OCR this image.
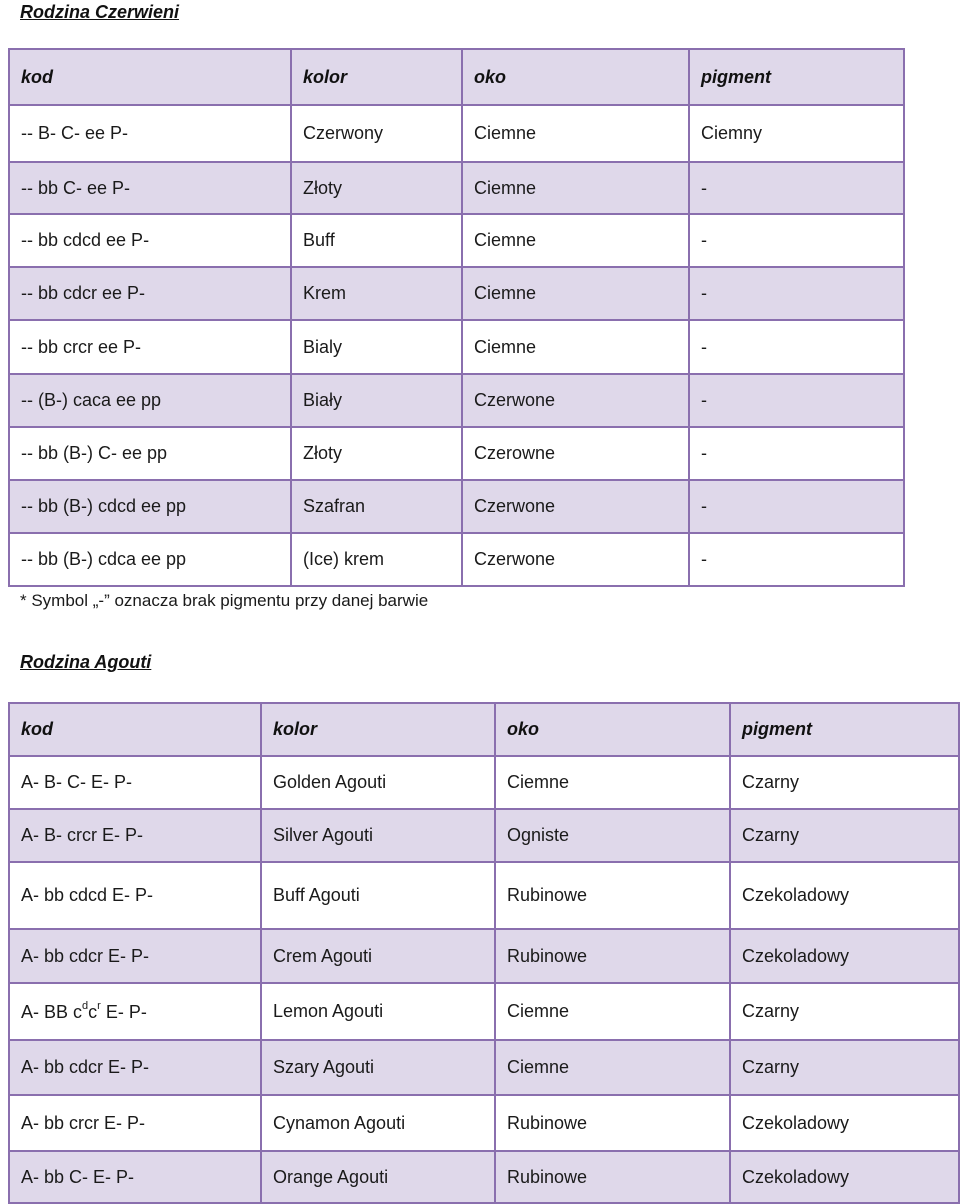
Rodzina Czerwieni
kod	kolor	oko	pigment
-- B- C- ee P-	Czerwony	Ciemne	Ciemny
-- bb C- ee P-	Złoty	Ciemne	-
-- bb cdcd ee P-	Buff	Ciemne	-
-- bb cdcr ee P-	Krem	Ciemne	-
-- bb crcr ee P-	Bialy	Ciemne	-
-- (B-) caca ee pp	Biały	Czerwone	-
-- bb (B-) C- ee pp	Złoty	Czerowne	-
-- bb (B-) cdcd ee pp	Szafran	Czerwone	-
-- bb (B-) cdca ee pp	(Ice) krem	Czerwone	-

* Symbol „-” oznacza brak pigmentu przy danej barwie

Rodzina Agouti
kod	kolor	oko	pigment
A- B- C- E- P-	Golden Agouti	Ciemne	Czarny
A- B- crcr E- P-	Silver Agouti	Ogniste	Czarny
A- bb cdcd E- P-	Buff Agouti	Rubinowe	Czekoladowy
A- bb cdcr E- P-	Crem Agouti	Rubinowe	Czekoladowy
A- BB $c^dc^r$ E- P-	Lemon Agouti	Ciemne	Czarny
A- bb cdcr E- P-	Szary Agouti	Ciemne	Czarny
A- bb crcr E- P-	Cynamon Agouti	Rubinowe	Czekoladowy
A- bb C- E- P-	Orange Agouti	Rubinowe	Czekoladowy
